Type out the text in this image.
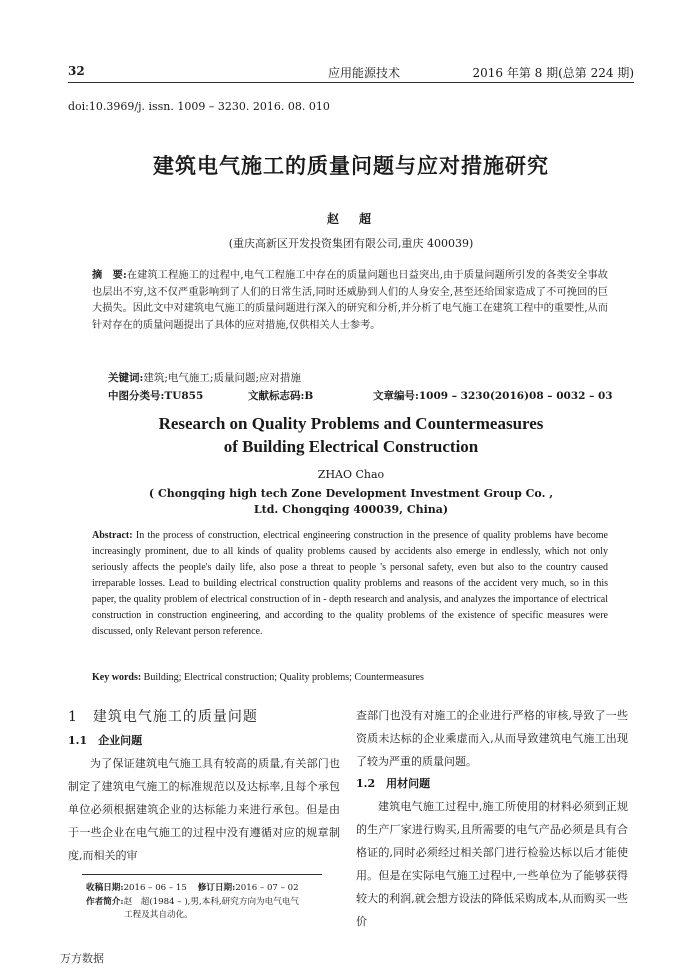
32	应用能源技术	2016 年第 8 期(总第 224 期)
doi:10.3969/j. issn. 1009 – 3230. 2016. 08. 010
建筑电气施工的质量问题与应对措施研究
赵　超
(重庆高新区开发投资集团有限公司,重庆 400039)
摘　要:在建筑工程施工的过程中,电气工程施工中存在的质量问题也日益突出,由于质量问题所引发的各类安全事故也层出不穷,这不仅严重影响到了人们的日常生活,同时还威胁到人们的人身安全,甚至还给国家造成了不可挽回的巨大损失。因此文中对建筑电气施工的质量问题进行深入的研究和分析,并分析了电气施工在建筑工程中的重要性,从而针对存在的质量问题提出了具体的应对措施,仅供相关人士参考。
关键词:建筑;电气施工;质量问题;应对措施
中图分类号:TU855	文献标志码:B	文章编号:1009 – 3230(2016)08 – 0032 – 03
Research on Quality Problems and Countermeasures
of Building Electrical Construction
ZHAO Chao
( Chongqing high tech Zone Development Investment Group Co. ,
Ltd. Chongqing 400039, China)
Abstract: In the process of construction, electrical engineering construction in the presence of quality problems have become increasingly prominent, due to all kinds of quality problems caused by accidents also emerge in endlessly, which not only seriously affects the people's daily life, also pose a threat to people 's personal safety, even but also to the country caused irreparable losses. Lead to building electrical construction quality problems and reasons of the accident very much, so in this paper, the quality problem of electrical construction of in - depth research and analysis, and analyzes the importance of electrical construction in construction engineering, and according to the quality problems of the existence of specific measures were discussed, only Relevant person reference.
Key words: Building; Electrical construction; Quality problems; Countermeasures
1　建筑电气施工的质量问题
1.1　企业问题

为了保证建筑电气施工具有较高的质量,有关部门也制定了建筑电气施工的标准规范以及达标率,且每个承包单位必须根据建筑企业的达标能力来进行承包。但是由于一些企业在电气施工的过程中没有遵循对应的规章制度,而相关的审

查部门也没有对施工的企业进行严格的审核,导致了一些资质未达标的企业乘虚而入,从而导致建筑电气施工出现了较为严重的质量问题。

1.2　用材问题

建筑电气施工过程中,施工所使用的材料必须到正规的生产厂家进行购买,且所需要的电气产品必须是具有合格证的,同时必须经过相关部门进行检验达标以后才能使用。但是在实际电气施工过程中,一些单位为了能够获得较大的利润,就会想方设法的降低采购成本,从而购买一些价

收稿日期:2016 – 06 – 15 修订日期:2016 – 07 – 02
作者简介:赵　超(1984 – ),男,本科,研究方向为电气电气
工程及其自动化。
万方数据
